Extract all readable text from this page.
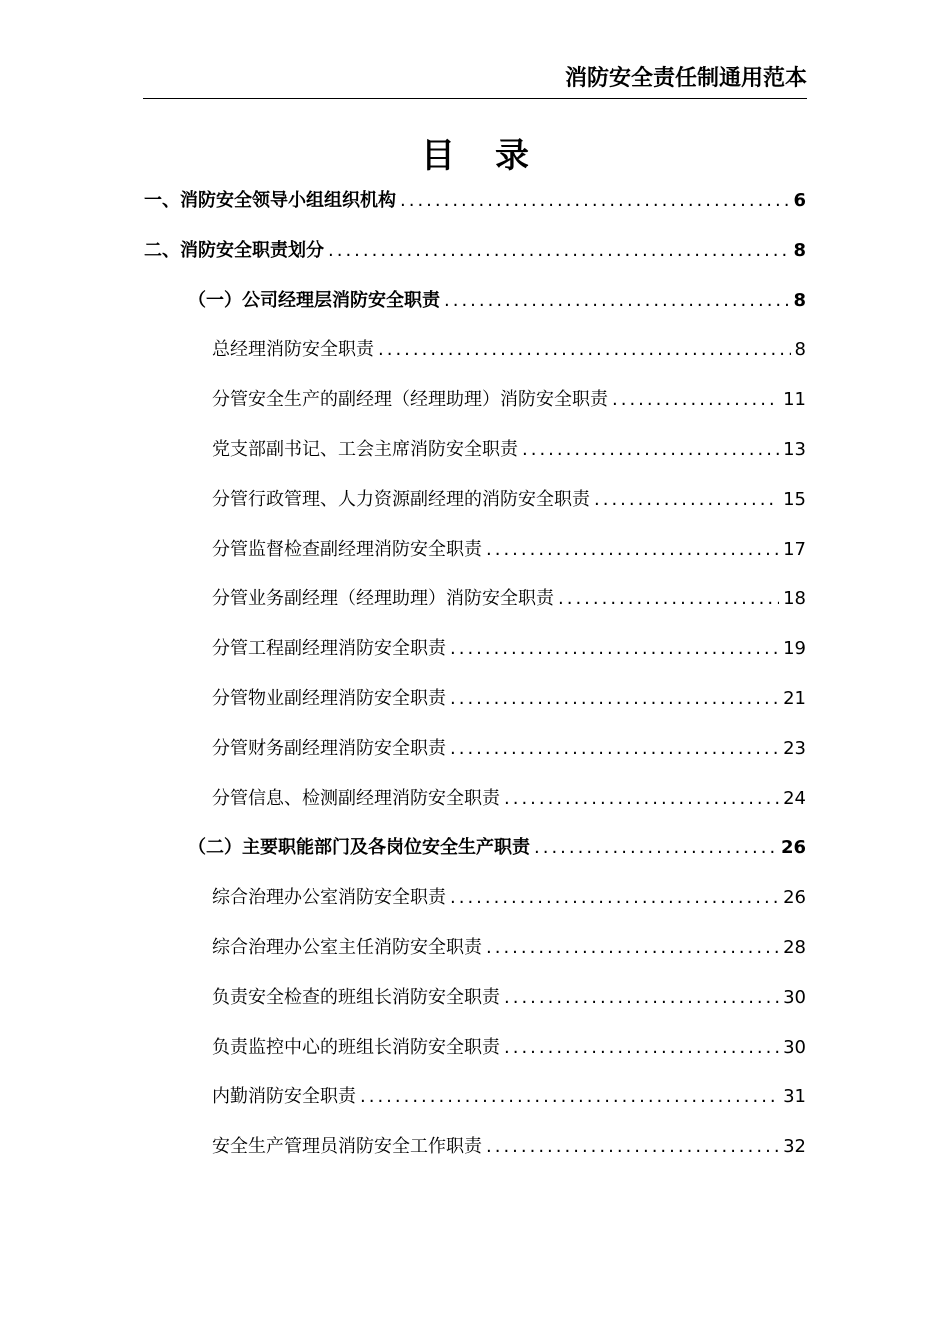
消防安全责任制通用范本
目录
一、消防安全领导小组组织机构 .....	6
二、消防安全职责划分 .....	8
（一）公司经理层消防安全职责 .....	8
总经理消防安全职责 .....	8
分管安全生产的副经理（经理助理）消防安全职责 .....	11
党支部副书记、工会主席消防安全职责 .....	13
分管行政管理、人力资源副经理的消防安全职责 .....	15
分管监督检查副经理消防安全职责 .....	17
分管业务副经理（经理助理）消防安全职责 .....	18
分管工程副经理消防安全职责 .....	19
分管物业副经理消防安全职责 .....	21
分管财务副经理消防安全职责 .....	23
分管信息、检测副经理消防安全职责 .....	24
（二）主要职能部门及各岗位安全生产职责 .....	26
综合治理办公室消防安全职责 .....	26
综合治理办公室主任消防安全职责 .....	28
负责安全检查的班组长消防安全职责 .....	30
负责监控中心的班组长消防安全职责 .....	30
内勤消防安全职责 .....	31
安全生产管理员消防安全工作职责 .....	32
